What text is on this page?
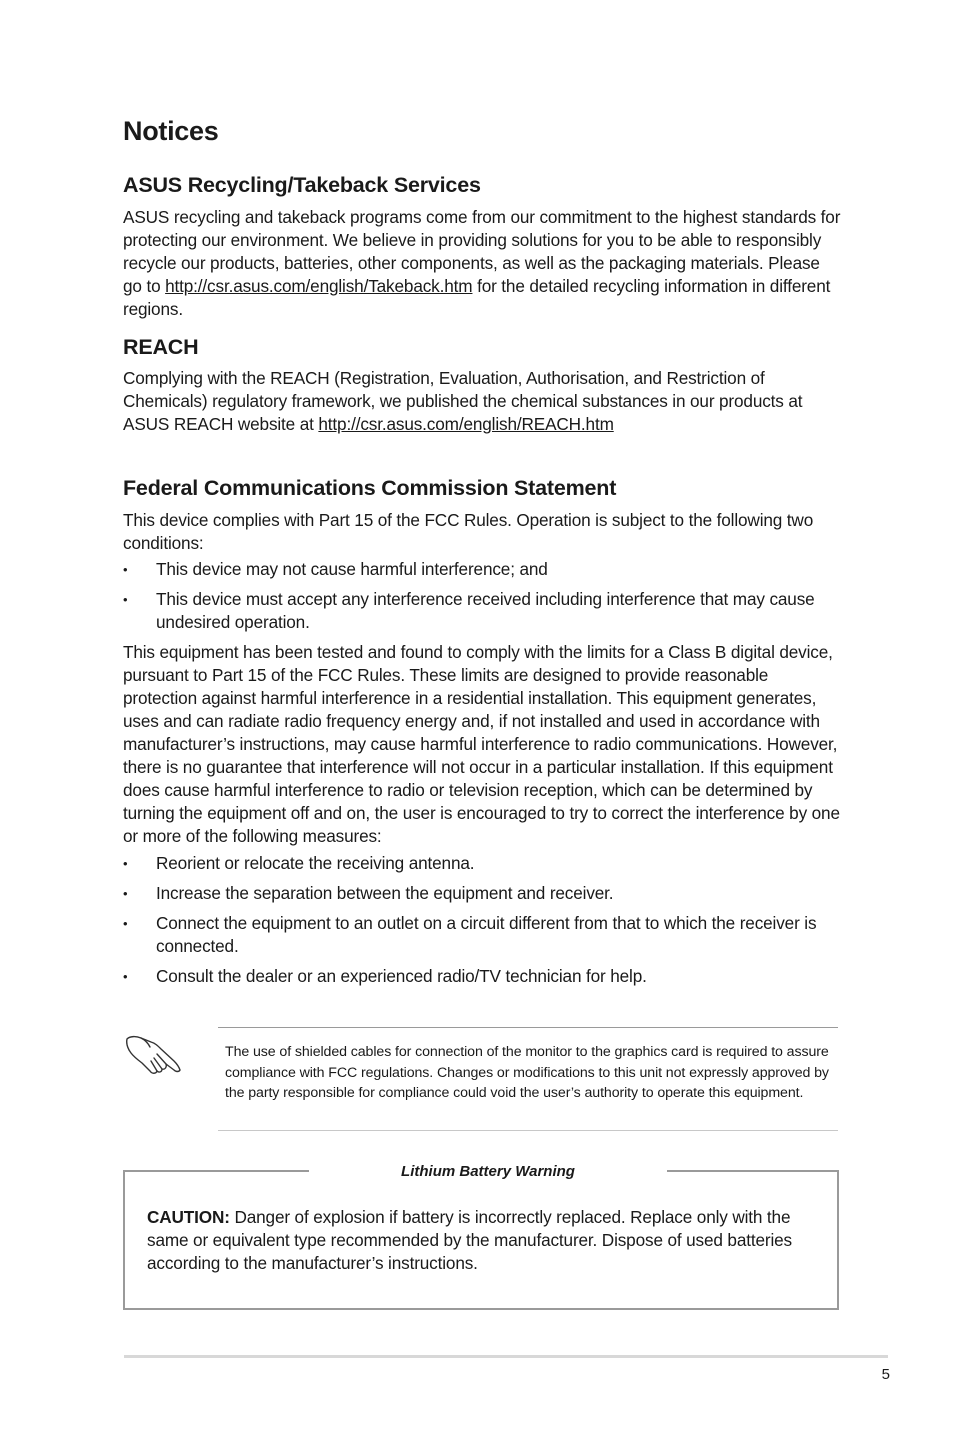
Notices
ASUS Recycling/Takeback Services

ASUS recycling and takeback programs come from our commitment to the highest standards for protecting our environment. We believe in providing solutions for you to be able to responsibly recycle our products, batteries, other components, as well as the packaging materials. Please go to http://csr.asus.com/english/Takeback.htm for the detailed recycling information in different regions.

REACH

Complying with the REACH (Registration, Evaluation, Authorisation, and Restriction of Chemicals) regulatory framework, we published the chemical substances in our products at ASUS REACH website at http://csr.asus.com/english/REACH.htm

Federal Communications Commission Statement

This device complies with Part 15 of the FCC Rules. Operation is subject to the following two conditions:

• This device may not cause harmful interference; and
• This device must accept any interference received including interference that may cause undesired operation.

This equipment has been tested and found to comply with the limits for a Class B digital device, pursuant to Part 15 of the FCC Rules. These limits are designed to provide reasonable protection against harmful interference in a residential installation. This equipment generates, uses and can radiate radio frequency energy and, if not installed and used in accordance with manufacturer’s instructions, may cause harmful interference to radio communications. However, there is no guarantee that interference will not occur in a particular installation. If this equipment does cause harmful interference to radio or television reception, which can be determined by turning the equipment off and on, the user is encouraged to try to correct the interference by one or more of the following measures:

• Reorient or relocate the receiving antenna.
• Increase the separation between the equipment and receiver.
• Connect the equipment to an outlet on a circuit different from that to which the receiver is connected.
• Consult the dealer or an experienced radio/TV technician for help.

The use of shielded cables for connection of the monitor to the graphics card is required to assure compliance with FCC regulations. Changes or modifications to this unit not expressly approved by the party responsible for compliance could void the user’s authority to operate this equipment.

Lithium Battery Warning

CAUTION: Danger of explosion if battery is incorrectly replaced. Replace only with the same or equivalent type recommended by the manufacturer. Dispose of used batteries according to the manufacturer’s instructions.

5
